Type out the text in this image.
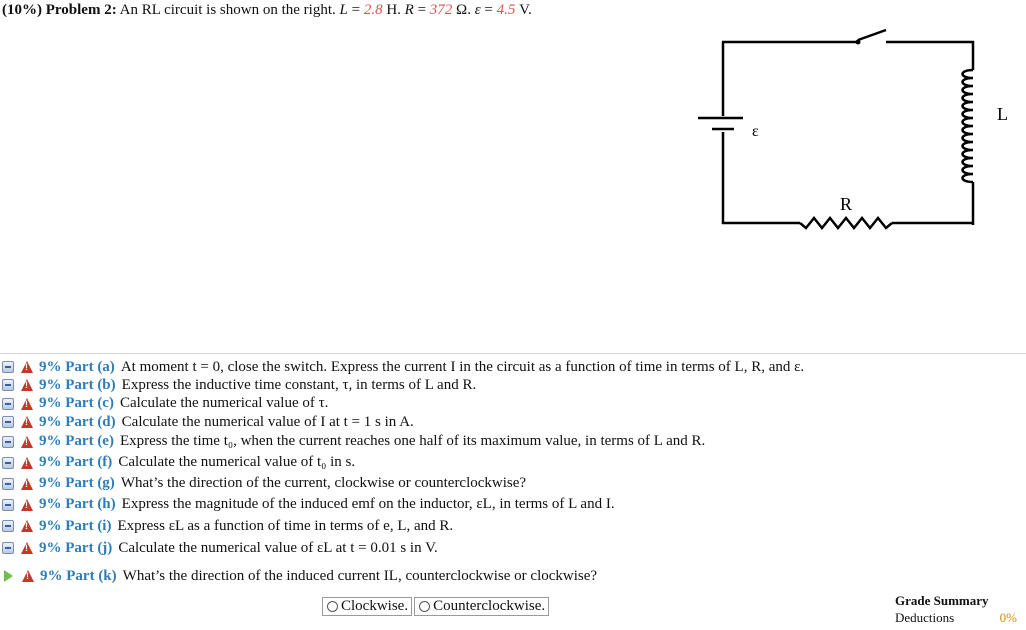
(10%) Problem 2: An RL circuit is shown on the right. L = 2.8 H. R = 372 Ω. ε = 4.5 V.
ε
R
L
!
9% Part (a) At moment t = 0, close the switch. Express the current I in the circuit as a function of time in terms of L, R, and ε.
!
9% Part (b) Express the inductive time constant, τ, in terms of L and R.
!
9% Part (c) Calculate the numerical value of τ.
!
9% Part (d) Calculate the numerical value of I at t = 1 s in A.
!
9% Part (e) Express the time t₀, when the current reaches one half of its maximum value, in terms of L and R.
!
9% Part (f) Calculate the numerical value of t₀ in s.
!
9% Part (g) What’s the direction of the current, clockwise or counterclockwise?
!
9% Part (h) Express the magnitude of the induced emf on the inductor, εL, in terms of L and I.
!
9% Part (i) Express εL as a function of time in terms of e, L, and R.
!
9% Part (j) Calculate the numerical value of εL at t = 0.01 s in V.
!
9% Part (k) What’s the direction of the induced current IL, counterclockwise or clockwise?
Clockwise. Counterclockwise.	Grade Summary
Deductions	0%
